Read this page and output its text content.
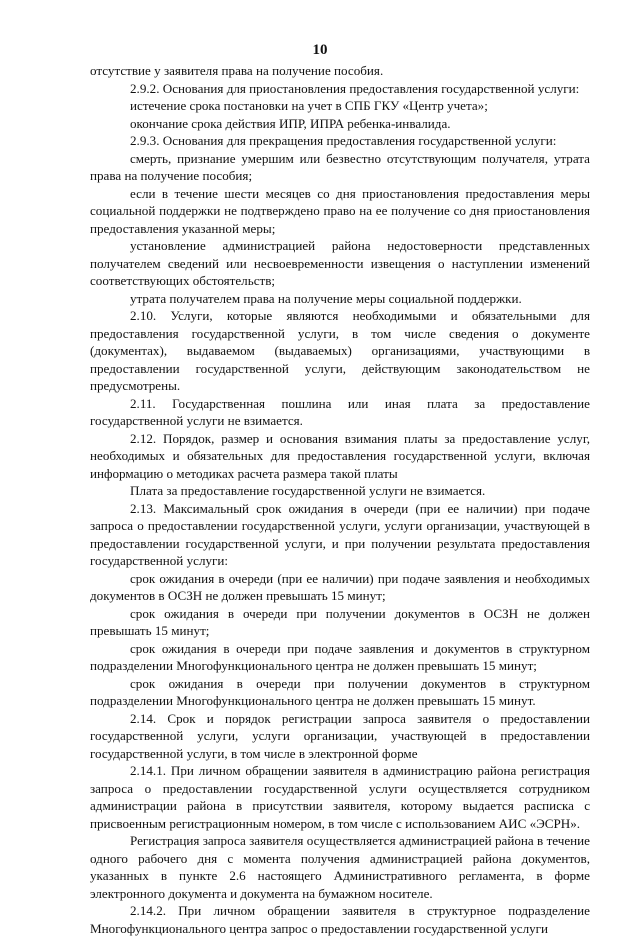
10

отсутствие у заявителя права на получение пособия.

2.9.2. Основания для приостановления предоставления государственной услуги:

истечение срока постановки на учет в СПБ ГКУ «Центр учета»;

окончание срока действия ИПР, ИПРА ребенка-инвалида.

2.9.3. Основания для прекращения предоставления государственной услуги:

смерть, признание умершим или безвестно отсутствующим получателя, утрата права на получение пособия;

если в течение шести месяцев со дня приостановления предоставления меры социальной поддержки не подтверждено право на ее получение со дня приостановления предоставления указанной меры;

установление администрацией района недостоверности представленных получателем сведений или несвоевременности извещения о наступлении изменений соответствующих обстоятельств;

утрата получателем права на получение меры социальной поддержки.

2.10. Услуги, которые являются необходимыми и обязательными для предоставления государственной услуги, в том числе сведения о документе (документах), выдаваемом (выдаваемых) организациями, участвующими в предоставлении государственной услуги, действующим законодательством не предусмотрены.

2.11. Государственная пошлина или иная плата за предоставление государственной услуги не взимается.

2.12. Порядок, размер и основания взимания платы за предоставление услуг, необходимых и обязательных для предоставления государственной услуги, включая информацию о методиках расчета размера такой платы

Плата за предоставление государственной услуги не взимается.

2.13. Максимальный срок ожидания в очереди (при ее наличии) при подаче запроса о предоставлении государственной услуги, услуги организации, участвующей в предоставлении государственной услуги, и при получении результата предоставления государственной услуги:

срок ожидания в очереди (при ее наличии) при подаче заявления и необходимых документов в ОСЗН не должен превышать 15 минут;

срок ожидания в очереди при получении документов в ОСЗН не должен превышать 15 минут;

срок ожидания в очереди при подаче заявления и документов в структурном подразделении Многофункционального центра не должен превышать 15 минут;

срок ожидания в очереди при получении документов в структурном подразделении Многофункционального центра не должен превышать 15 минут.

2.14. Срок и порядок регистрации запроса заявителя о предоставлении государственной услуги, услуги организации, участвующей в предоставлении государственной услуги, в том числе в электронной форме

2.14.1. При личном обращении заявителя в администрацию района регистрация запроса о предоставлении государственной услуги осуществляется сотрудником администрации района в присутствии заявителя, которому выдается расписка с присвоенным регистрационным номером, в том числе с использованием АИС «ЭСРН».

Регистрация запроса заявителя осуществляется администрацией района в течение одного рабочего дня с момента получения администрацией района документов, указанных в пункте 2.6 настоящего Административного регламента, в форме электронного документа и документа на бумажном носителе.

2.14.2. При личном обращении заявителя в структурное подразделение Многофункционального центра запрос о предоставлении государственной услуги
